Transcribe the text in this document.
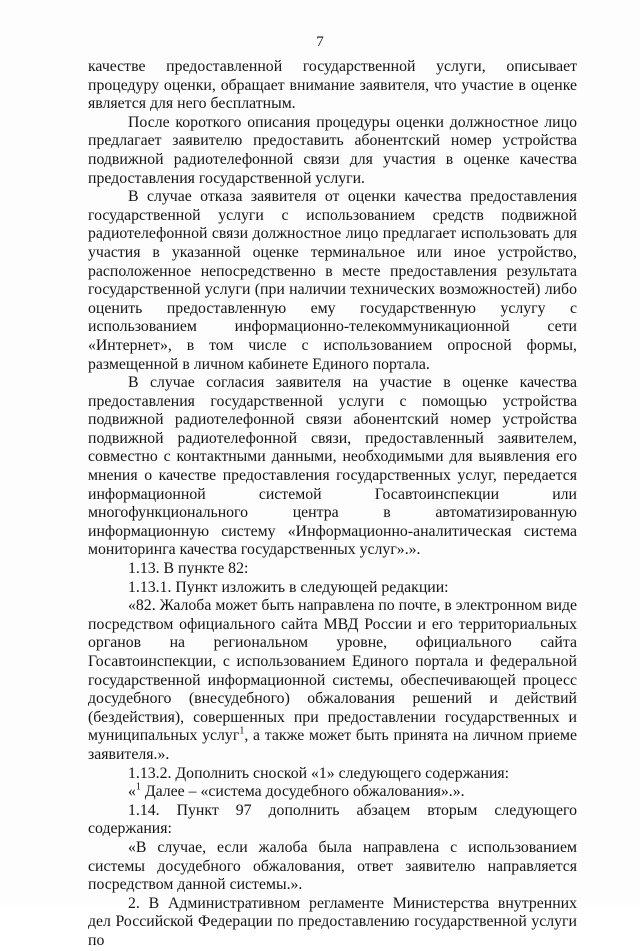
7

качестве предоставленной государственной услуги, описывает процедуру оценки, обращает внимание заявителя, что участие в оценке является для него бесплатным.

После короткого описания процедуры оценки должностное лицо предлагает заявителю предоставить абонентский номер устройства подвижной радиотелефонной связи для участия в оценке качества предоставления государственной услуги.

В случае отказа заявителя от оценки качества предоставления государственной услуги с использованием средств подвижной радиотелефонной связи должностное лицо предлагает использовать для участия в указанной оценке терминальное или иное устройство, расположенное непосредственно в месте предоставления результата государственной услуги (при наличии технических возможностей) либо оценить предоставленную ему государственную услугу с использованием информационно-телекоммуникационной сети «Интернет», в том числе с использованием опросной формы, размещенной в личном кабинете Единого портала.

В случае согласия заявителя на участие в оценке качества предоставления государственной услуги с помощью устройства подвижной радиотелефонной связи абонентский номер устройства подвижной радиотелефонной связи, предоставленный заявителем, совместно с контактными данными, необходимыми для выявления его мнения о качестве предоставления государственных услуг, передается информационной системой Госавтоинспекции или многофункционального центра в автоматизированную информационную систему «Информационно-аналитическая система мониторинга качества государственных услуг».».

1.13. В пункте 82:

1.13.1. Пункт изложить в следующей редакции:

«82. Жалоба может быть направлена по почте, в электронном виде посредством официального сайта МВД России и его территориальных органов на региональном уровне, официального сайта Госавтоинспекции, с использованием Единого портала и федеральной государственной информационной системы, обеспечивающей процесс досудебного (внесудебного) обжалования решений и действий (бездействия), совершенных при предоставлении государственных и муниципальных услуг$^1$, а также может быть принята на личном приеме заявителя.».

1.13.2. Дополнить сноской «1» следующего содержания:

«$^1$ Далее – «система досудебного обжалования».».

1.14. Пункт 97 дополнить абзацем вторым следующего содержания:

«В случае, если жалоба была направлена с использованием системы досудебного обжалования, ответ заявителю направляется посредством данной системы.».

2. В Административном регламенте Министерства внутренних дел Российской Федерации по предоставлению государственной услуги по
